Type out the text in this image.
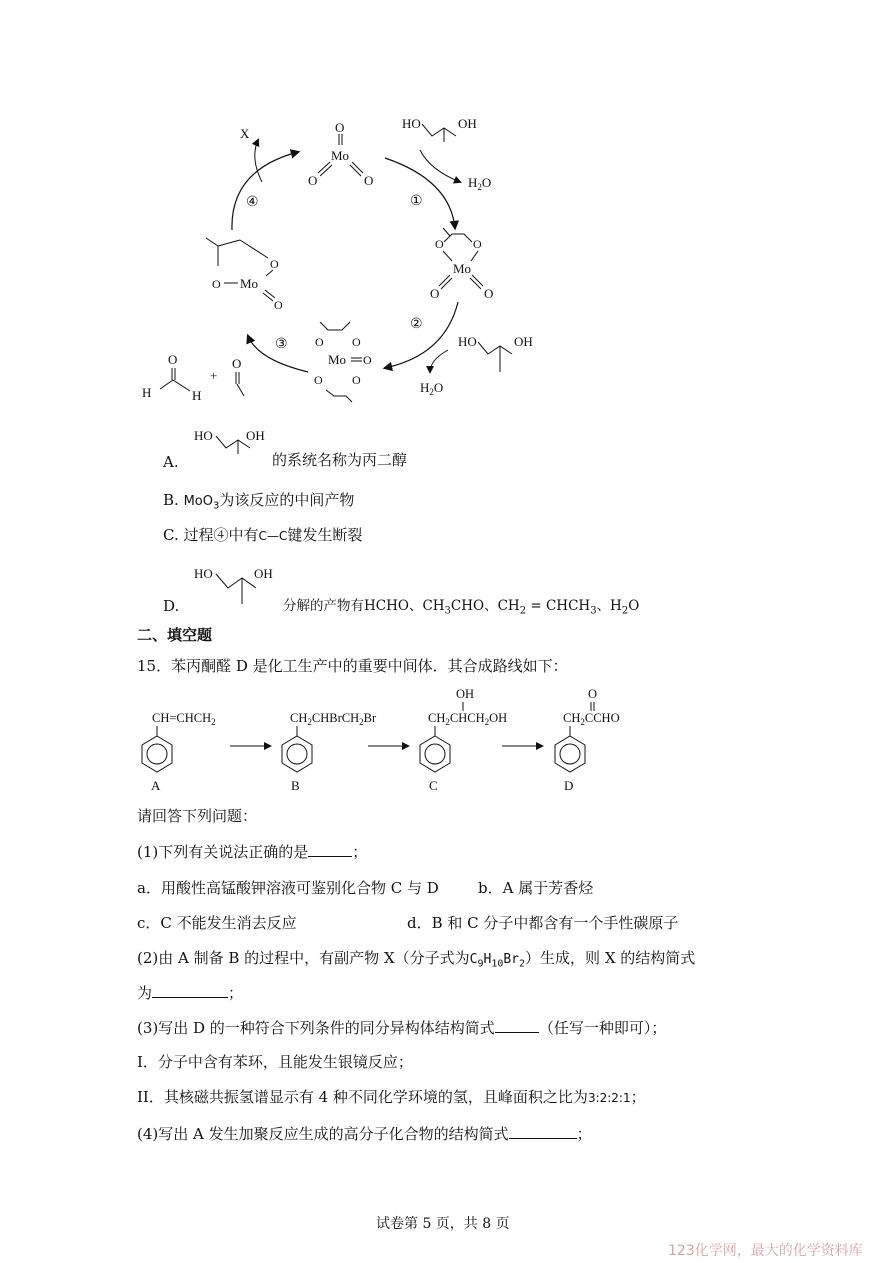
O
Mo
O	O
HO	OH
$H_2O$
①
O O
Mo
O	O
②
HO	OH
$H_2O$
O O
Mo O
O O
③
O
H	H
+
O
O
O Mo
O
④
X
A.
HO	OH
的系统名称为丙二醇
B. MoO$_3$为该反应的中间产物
C. 过程④中有C—C键发生断裂
D.
HO	OH
分解的产物有HCHO、$CH_3CHO$、$CH_2$ = $CHCH_3$、$H_2O$
二、填空题
15．苯丙酮醛 D 是化工生产中的重要中间体．其合成路线如下：
$CH=CHCH_2$
A
$CH_2CHBrCH_2Br$
B
OH
$CH_2CHCH_2OH$
C
O
$CH_2CCHO$
D
请回答下列问题：
(1)下列有关说法正确的是	；
a．用酸性高锰酸钾溶液可鉴别化合物 C 与 D	b．A 属于芳香烃
c．C 不能发生消去反应	d．B 和 C 分子中都含有一个手性碳原子
(2)由 A 制备 B 的过程中，有副产物 X（分子式为$C_9H_{10}Br_2$）生成，则 X 的结构简式
为	；
(3)写出 D 的一种符合下列条件的同分异构体结构简式	（任写一种即可）；
I．分子中含有苯环，且能发生银镜反应；
II．其核磁共振氢谱显示有 4 种不同化学环境的氢，且峰面积之比为3:2:2:1；
(4)写出 A 发生加聚反应生成的高分子化合物的结构简式	；
试卷第 5 页，共 8 页
123化学网，最大的化学资料库
